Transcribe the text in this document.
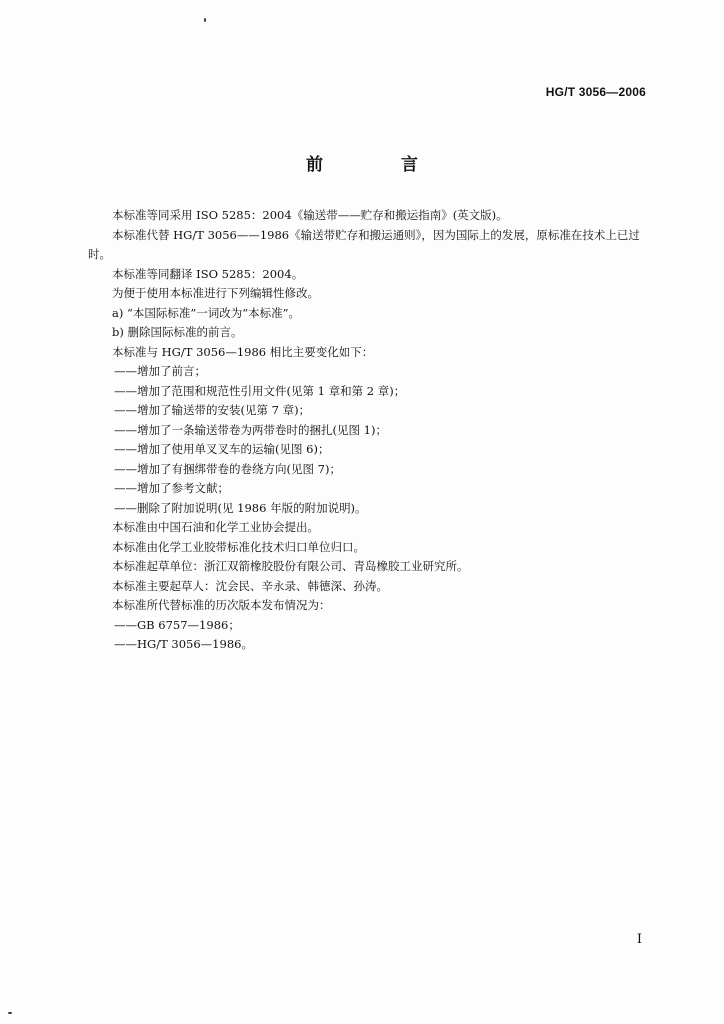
HG/T 3056—2006
前 言

本标准等同采用 ISO 5285：2004《输送带——贮存和搬运指南》(英文版)。

本标准代替 HG/T 3056——1986《输送带贮存和搬运通则》，因为国际上的发展，原标准在技术上已过时。

本标准等同翻译 ISO 5285：2004。

为便于使用本标准进行下列编辑性修改。

a) “本国际标准”一词改为“本标准”。

b) 删除国际标准的前言。

本标准与 HG/T 3056—1986 相比主要变化如下：

——增加了前言；

——增加了范围和规范性引用文件(见第 1 章和第 2 章)；

——增加了输送带的安装(见第 7 章)；

——增加了一条输送带卷为两带卷时的捆扎(见图 1)；

——增加了使用单叉叉车的运输(见图 6)；

——增加了有捆绑带卷的卷绕方向(见图 7)；

——增加了参考文献；

——删除了附加说明(见 1986 年版的附加说明)。

本标准由中国石油和化学工业协会提出。

本标准由化学工业胶带标准化技术归口单位归口。

本标准起草单位：浙江双箭橡胶股份有限公司、青岛橡胶工业研究所。

本标准主要起草人：沈会民、辛永录、韩德深、孙涛。

本标准所代替标准的历次版本发布情况为：

——GB 6757—1986；

——HG/T 3056—1986。

I
